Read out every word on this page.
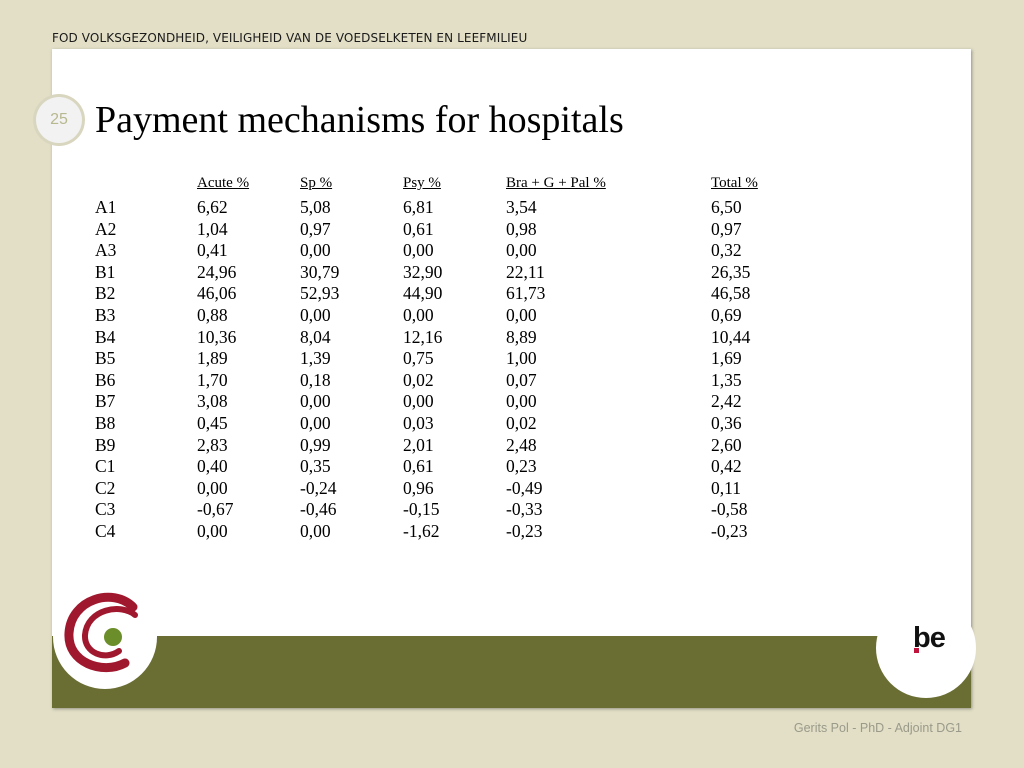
FOD VOLKSGEZONDHEID, VEILIGHEID VAN DE VOEDSELKETEN EN LEEFMILIEU
Payment mechanisms for hospitals
	Acute %	Sp %	Psy %	Bra + G + Pal %	Total %
A1	6,62	5,08	6,81	3,54	6,50
A2	1,04	0,97	0,61	0,98	0,97
A3	0,41	0,00	0,00	0,00	0,32
B1	24,96	30,79	32,90	22,11	26,35
B2	46,06	52,93	44,90	61,73	46,58
B3	0,88	0,00	0,00	0,00	0,69
B4	10,36	8,04	12,16	8,89	10,44
B5	1,89	1,39	0,75	1,00	1,69
B6	1,70	0,18	0,02	0,07	1,35
B7	3,08	0,00	0,00	0,00	2,42
B8	0,45	0,00	0,03	0,02	0,36
B9	2,83	0,99	2,01	2,48	2,60
C1	0,40	0,35	0,61	0,23	0,42
C2	0,00	-0,24	0,96	-0,49	0,11
C3	-0,67	-0,46	-0,15	-0,33	-0,58
C4	0,00	0,00	-1,62	-0,23	-0,23
25
be
Gerits Pol - PhD - Adjoint DG1
